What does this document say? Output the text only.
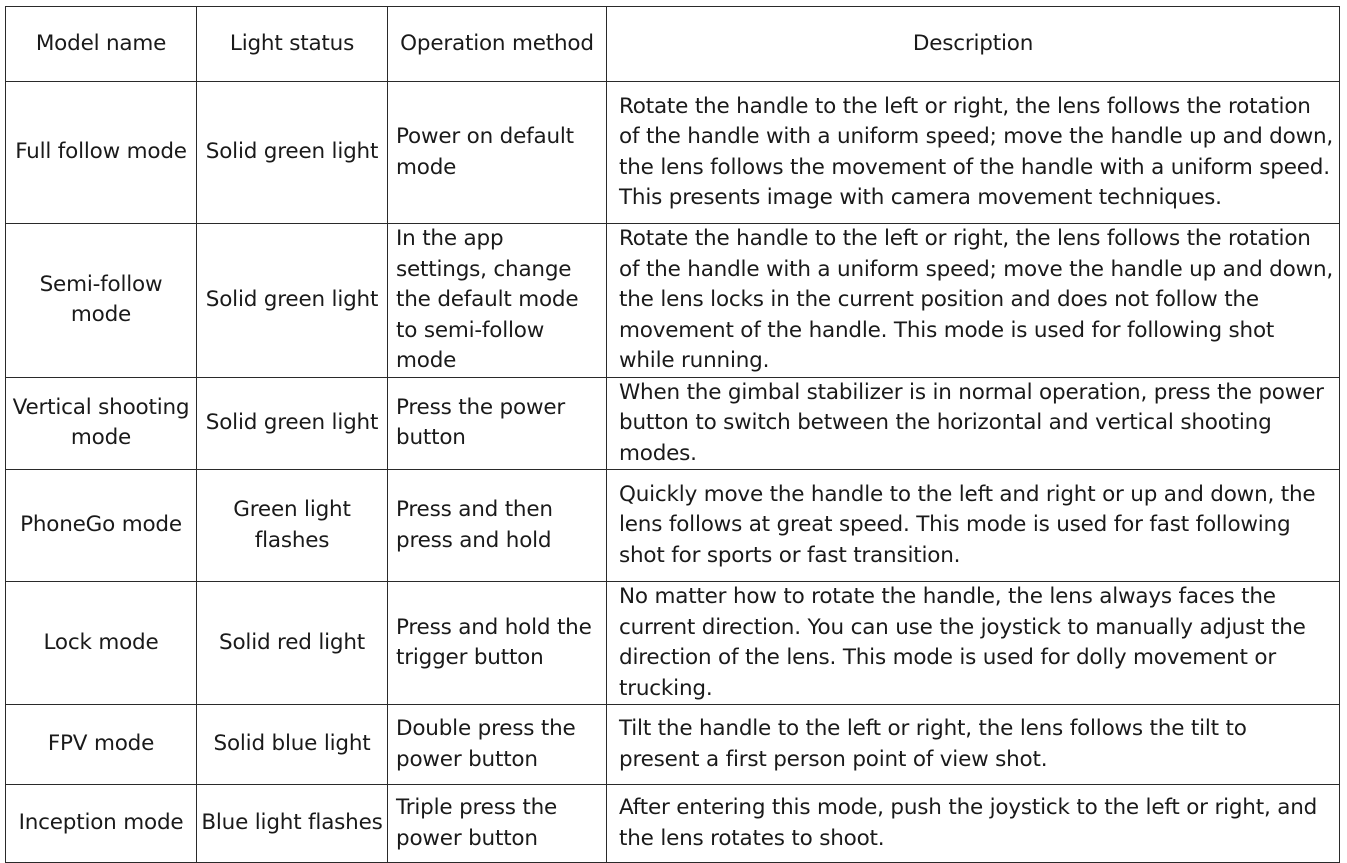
Model name	Light status	Operation method	Description
Full follow mode	Solid green light	Power on default mode	Rotate the handle to the left or right, the lens follows the rotation of the handle with a uniform speed; move the handle up and down, the lens follows the movement of the handle with a uniform speed. This presents image with camera movement techniques.
Semi-follow mode	Solid green light	In the app settings, change the default mode to semi-follow mode	Rotate the handle to the left or right, the lens follows the rotation of the handle with a uniform speed; move the handle up and down, the lens locks in the current position and does not follow the movement of the handle. This mode is used for following shot while running.
Vertical shooting mode	Solid green light	Press the power button	When the gimbal stabilizer is in normal operation, press the power button to switch between the horizontal and vertical shooting modes.
PhoneGo mode	Green light flashes	Press and then press and hold	Quickly move the handle to the left and right or up and down, the lens follows at great speed. This mode is used for fast following shot for sports or fast transition.
Lock mode	Solid red light	Press and hold the trigger button	No matter how to rotate the handle, the lens always faces the current direction. You can use the joystick to manually adjust the direction of the lens. This mode is used for dolly movement or trucking.
FPV mode	Solid blue light	Double press the power button	Tilt the handle to the left or right, the lens follows the tilt to present a first person point of view shot.
Inception mode	Blue light flashes	Triple press the power button	After entering this mode, push the joystick to the left or right, and the lens rotates to shoot.
